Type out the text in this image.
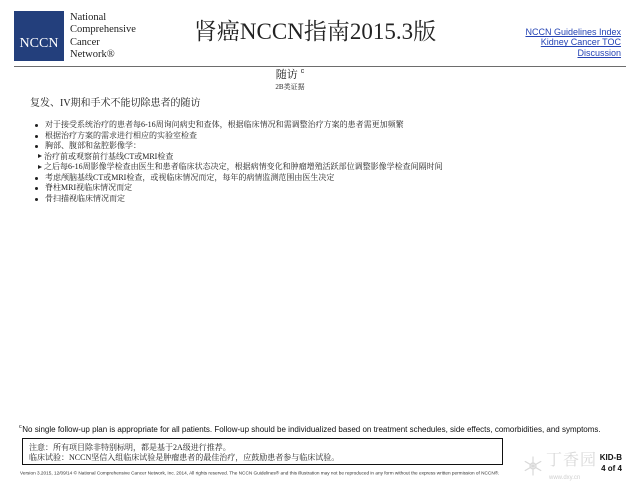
NCCN
National
Comprehensive
Cancer
Network®
肾癌NCCN指南2015.3版	NCCN Guidelines Index
Kidney Cancer TOC
Discussion
随访 $^c$
2B类证据
复发、IV期和手术不能切除患者的随访
对于接受系统治疗的患者每6-16周询问病史和查体，根据临床情况和需调整治疗方案的患者需更加频繁
根据治疗方案的需求进行相应的实验室检查
胸部、腹部和盆腔影像学：
治疗前或观察前行基线CT或MRI检查
之后每6-16周影像学检查由医生和患者临床状态决定，根据病情变化和肿瘤增殖活跃部位调整影像学检查间隔时间
考虑颅脑基线CT或MRI检查，或视临床情况而定，每年的病情监测范围由医生决定
脊柱MRI视临床情况而定
骨扫描视临床情况而定
$^c$No single follow-up plan is appropriate for all patients. Follow-up should be individualized based on treatment schedules, side effects, comorbidities, and symptoms.
注意：所有项目除非特别标明，都是基于2A级进行推荐。
临床试验：NCCN坚信入组临床试验是肿瘤患者的最佳治疗，应鼓励患者参与临床试验。	丁香园
www.dxy.cn
KID-B
4 of 4
Version 3.2015, 12/09/14 © National Comprehensive Cancer Network, Inc. 2014, All rights reserved. The NCCN Guidelines® and this illustration may not be reproduced in any form without the express written permission of NCCN®.
